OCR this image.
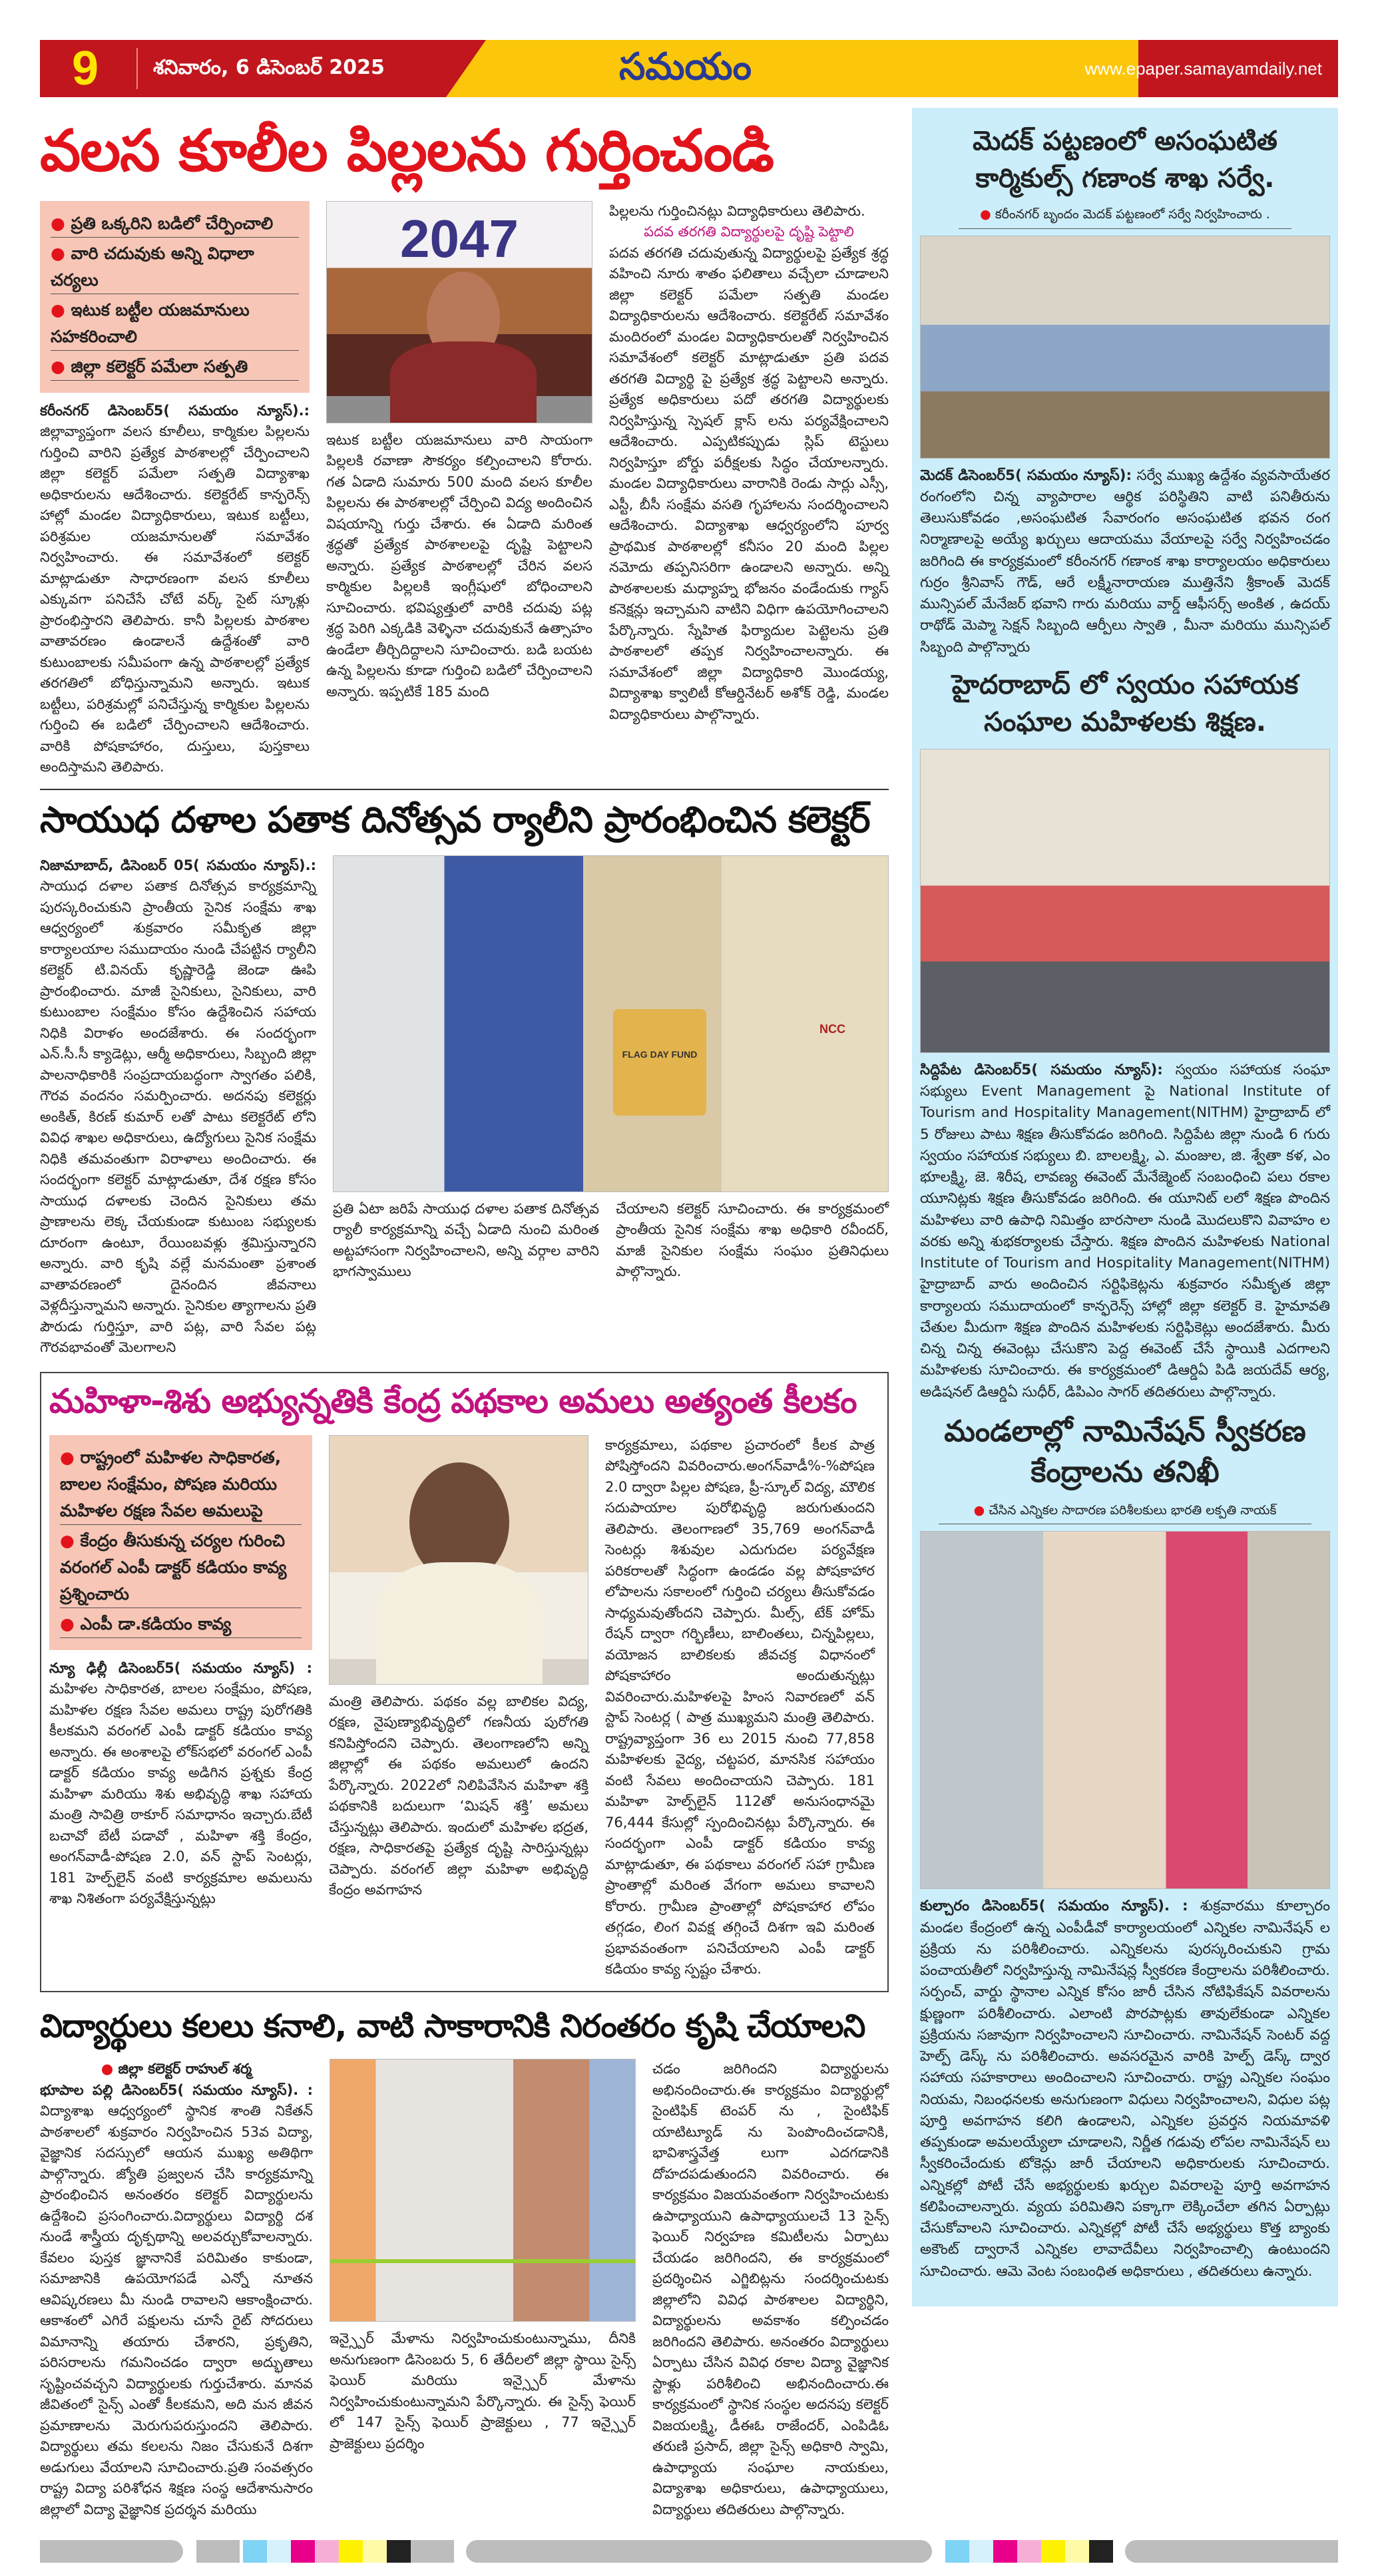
9	శనివారం, 6 డిసెంబర్ 2025	సమయం	www.epaper.samayamdaily.net
వలస కూలీల పిల్లలను గుర్తించండి
● ప్రతి ఒక్కరిని బడిలో చేర్పించాలి
● వారి చదువుకు అన్ని విధాలా చర్యలు
● ఇటుక బట్టీల యజమానులు సహకరించాలి
● జిల్లా కలెక్టర్ పమేలా సత్పతి
కరీంనగర్ డిసెంబర్5( సమయం న్యూస్).: జిల్లావ్యాప్తంగా వలస కూలీలు, కార్మికుల పిల్లలను గుర్తించి వారిని ప్రత్యేక పాఠశాలల్లో చేర్పించాలని జిల్లా కలెక్టర్ పమేలా సత్పతి విద్యాశాఖ అధికారులను ఆదేశించారు. కలెక్టరేట్ కాన్ఫరెన్స్ హాల్లో మండల విద్యాధికారులు, ఇటుక బట్టీలు, పరిశ్రమల యజమానులతో సమావేశం నిర్వహించారు. ఈ సమావేశంలో కలెక్టర్ మాట్లాడుతూ సాధారణంగా వలస కూలీలు ఎక్కువగా పనిచేసే చోటే వర్క్ సైట్ స్కూళ్లు ప్రారంభిస్తారని తెలిపారు. కానీ పిల్లలకు పాఠశాల వాతావరణం ఉండాలనే ఉద్దేశంతో వారి కుటుంబాలకు సమీపంగా ఉన్న పాఠశాలల్లో ప్రత్యేక తరగతిలో బోధిస్తున్నామని అన్నారు. ఇటుక బట్టీలు, పరిశ్రమల్లో పనిచేస్తున్న కార్మికుల పిల్లలను గుర్తించి ఈ బడిలో చేర్పించాలని ఆదేశించారు. వారికి పోషకాహారం, దుస్తులు, పుస్తకాలు అందిస్తామని తెలిపారు.
2047
ఇటుక బట్టీల యజమానులు వారి సాయంగా పిల్లలకి రవాణా సౌకర్యం కల్పించాలని కోరారు. గత ఏడాది సుమారు 500 మంది వలస కూలీల పిల్లలను ఈ పాఠశాలల్లో చేర్పించి విద్య అందించిన విషయాన్ని గుర్తు చేశారు. ఈ ఏడాది మరింత శ్రద్ధతో ప్రత్యేక పాఠశాలలపై దృష్టి పెట్టాలని అన్నారు. ప్రత్యేక పాఠశాలల్లో చేరిన వలస కార్మికుల పిల్లలకి ఇంగ్లీషులో బోధించాలని సూచించారు. భవిష్యత్తులో వారికి చదువు పట్ల శ్రద్ధ పెరిగి ఎక్కడికి వెళ్ళినా చదువుకునే ఉత్సాహం ఉండేలా తీర్చిదిద్దాలని సూచించారు. బడి బయట ఉన్న పిల్లలను కూడా గుర్తించి బడిలో చేర్పించాలని అన్నారు. ఇప్పటికే 185 మంది
పిల్లలను గుర్తించినట్లు విద్యాధికారులు తెలిపారు.
పదవ తరగతి విద్యార్థులపై దృష్టి పెట్టాలి
పదవ తరగతి చదువుతున్న విద్యార్థులపై ప్రత్యేక శ్రద్ధ వహించి నూరు శాతం ఫలితాలు వచ్చేలా చూడాలని జిల్లా కలెక్టర్ పమేలా సత్పతి మండల విద్యాధికారులను ఆదేశించారు. కలెక్టరేట్ సమావేశం మందిరంలో మండల విద్యాధికారులతో నిర్వహించిన సమావేశంలో కలెక్టర్ మాట్లాడుతూ ప్రతి పదవ తరగతి విద్యార్థి పై ప్రత్యేక శ్రద్ధ పెట్టాలని అన్నారు. ప్రత్యేక అధికారులు పదో తరగతి విద్యార్థులకు నిర్వహిస్తున్న స్పెషల్ క్లాస్ లను పర్యవేక్షించాలని ఆదేశించారు. ఎప్పటికప్పుడు స్లిప్ టెస్టులు నిర్వహిస్తూ బోర్డు పరీక్షలకు సిద్ధం చేయాలన్నారు. మండల విద్యాధికారులు వారానికి రెండు సార్లు ఎస్సీ, ఎస్టీ, బీసీ సంక్షేమ వసతి గృహాలను సందర్శించాలని ఆదేశించారు. విద్యాశాఖ ఆధ్వర్యంలోని పూర్వ ప్రాథమిక పాఠశాలల్లో కనీసం 20 మంది పిల్లల నమోదు తప్పనిసరిగా ఉండాలని అన్నారు. అన్ని పాఠశాలలకు మధ్యాహ్న భోజనం వండేందుకు గ్యాస్ కనెక్షన్లు ఇచ్చామని వాటిని విధిగా ఉపయోగించాలని పేర్కొన్నారు. స్నేహిత ఫిర్యాదుల పెట్టెలను ప్రతి పాఠశాలలో తప్పక నిర్వహించాలన్నారు. ఈ సమావేశంలో జిల్లా విద్యాధికారి మొండయ్య, విద్యాశాఖ క్వాలిటీ కోఆర్డినేటర్ అశోక్ రెడ్డి, మండల విద్యాధికారులు పాల్గొన్నారు.
సాయుధ దళాల పతాక దినోత్సవ ర్యాలీని ప్రారంభించిన కలెక్టర్
నిజామాబాద్, డిసెంబర్ 05( సమయం న్యూస్).: సాయుధ దళాల పతాక దినోత్సవ కార్యక్రమాన్ని పురస్కరించుకుని ప్రాంతీయ సైనిక సంక్షేమ శాఖ ఆధ్వర్యంలో శుక్రవారం సమీకృత జిల్లా కార్యాలయాల సముదాయం నుండి చేపట్టిన ర్యాలీని కలెక్టర్ టి.వినయ్ కృష్ణారెడ్డి జెండా ఊపి ప్రారంభించారు. మాజీ సైనికులు, సైనికులు, వారి కుటుంబాల సంక్షేమం కోసం ఉద్దేశించిన సహాయ నిధికి విరాళం అందజేశారు. ఈ సందర్భంగా ఎన్.సీ.సీ క్యాడెట్లు, ఆర్మీ అధికారులు, సిబ్బంది జిల్లా పాలనాధికారికి సంప్రదాయబద్ధంగా స్వాగతం పలికి, గౌరవ వందనం సమర్పించారు. అదనపు కలెక్టర్లు అంకిత్, కిరణ్ కుమార్ లతో పాటు కలెక్టరేట్ లోని వివిధ శాఖల అధికారులు, ఉద్యోగులు సైనిక సంక్షేమ నిధికి తమవంతుగా విరాళాలు అందించారు. ఈ సందర్భంగా కలెక్టర్ మాట్లాడుతూ, దేశ రక్షణ కోసం సాయుధ దళాలకు చెందిన సైనికులు తమ ప్రాణాలను లెక్క చేయకుండా కుటుంబ సభ్యులకు దూరంగా ఉంటూ, రేయింబవళ్లు శ్రమిస్తున్నారని అన్నారు. వారి కృషి వల్లే మనమంతా ప్రశాంత వాతావరణంలో దైనందిన జీవనాలు వెళ్లదీస్తున్నామని అన్నారు. సైనికుల త్యాగాలను ప్రతి పౌరుడు గుర్తిస్తూ, వారి పట్ల, వారి సేవల పట్ల గౌరవభావంతో మెలగాలని
FLAG DAY FUND
NCC
ప్రతి ఏటా జరిపే సాయుధ దళాల పతాక దినోత్సవ ర్యాలీ కార్యక్రమాన్ని వచ్చే ఏడాది నుంచి మరింత అట్టహాసంగా నిర్వహించాలని, అన్ని వర్గాల వారిని భాగస్వాములు
చేయాలని కలెక్టర్ సూచించారు. ఈ కార్యక్రమంలో ప్రాంతీయ సైనిక సంక్షేమ శాఖ అధికారి రవీందర్, మాజీ సైనికుల సంక్షేమ సంఘం ప్రతినిధులు పాల్గొన్నారు.
మహిళా-శిశు అభ్యున్నతికి కేంద్ర పథకాల అమలు అత్యంత కీలకం
● రాష్ట్రంలో మహిళల సాధికారత, బాలల సంక్షేమం, పోషణ మరియు మహిళల రక్షణ సేవల అమలుపై
● కేంద్రం తీసుకున్న చర్యల గురించి వరంగల్ ఎంపీ డాక్టర్ కడియం కావ్య ప్రశ్నించారు
● ఎంపీ డా.కడియం కావ్య
న్యూ ఢిల్లీ డిసెంబర్5( సమయం న్యూస్) : మహిళల సాధికారత, బాలల సంక్షేమం, పోషణ, మహిళల రక్షణ సేవల అమలు రాష్ట్ర పురోగతికి కీలకమని వరంగల్ ఎంపీ డాక్టర్ కడియం కావ్య అన్నారు. ఈ అంశాలపై లోక్‌సభలో వరంగల్ ఎంపీ డాక్టర్ కడియం కావ్య అడిగిన ప్రశ్నకు కేంద్ర మహిళా మరియు శిశు అభివృద్ధి శాఖ సహాయ మంత్రి సావిత్రి ఠాకూర్ సమాధానం ఇచ్చారు.బేటీ బచావో బేటీ పడావో , మహిళా శక్తి కేంద్రం, అంగన్‌వాడీ-పోషణ 2.0, వన్ స్టాప్ సెంటర్లు, 181 హెల్ప్‌లైన్ వంటి కార్యక్రమాల అమలును శాఖ నిశితంగా పర్యవేక్షిస్తున్నట్లు
మంత్రి తెలిపారు. పథకం వల్ల బాలికల విద్య, రక్షణ, నైపుణ్యాభివృద్ధిలో గణనీయ పురోగతి కనిపిస్తోందని చెప్పారు. తెలంగాణలోని అన్ని జిల్లాల్లో ఈ పథకం అమలులో ఉందని పేర్కొన్నారు. 2022లో నిలిపివేసిన మహిళా శక్తి పథకానికి బదులుగా ‘మిషన్ శక్తి’ అమలు చేస్తున్నట్లు తెలిపారు. ఇందులో మహిళల భద్రత, రక్షణ, సాధికారతపై ప్రత్యేక దృష్టి సారిస్తున్నట్లు చెప్పారు. వరంగల్ జిల్లా మహిళా అభివృద్ధి కేంద్రం అవగాహన
కార్యక్రమాలు, పథకాల ప్రచారంలో కీలక పాత్ర పోషిస్తోందని వివరించారు.అంగన్‌వాడీ%-%పోషణ 2.0 ద్వారా పిల్లల పోషణ, ప్రీ-స్కూల్ విద్య, మౌలిక సదుపాయాల పురోభివృద్ధి జరుగుతుందని తెలిపారు. తెలంగాణలో 35,769 అంగన్‌వాడీ సెంటర్లు శిశువుల ఎదుగుదల పర్యవేక్షణ పరికరాలతో సిద్ధంగా ఉండడం వల్ల పోషకాహార లోపాలను సకాలంలో గుర్తించి చర్యలు తీసుకోవడం సాధ్యమవుతోందని చెప్పారు. మీల్స్, టేక్ హోమ్ రేషన్ ద్వారా గర్భిణీలు, బాలింతలు, చిన్నపిల్లలు, వయోజన బాలికలకు జీవచక్ర విధానంలో పోషకాహారం అందుతున్నట్లు వివరించారు.మహిళలపై హింస నివారణలో వన్ స్టాప్ సెంటర్ల ( పాత్ర ముఖ్యమని మంత్రి తెలిపారు. రాష్ట్రవ్యాప్తంగా 36 లు 2015 నుంచి 77,858 మహిళలకు వైద్య, చట్టపర, మానసిక సహాయం వంటి సేవలు అందించాయని చెప్పారు. 181 మహిళా హెల్ప్‌లైన్ 112తో అనుసంధానమై 76,444 కేసుల్లో స్పందించినట్లు పేర్కొన్నారు. ఈ సందర్భంగా ఎంపీ డాక్టర్ కడియం కావ్య మాట్లాడుతూ, ఈ పథకాలు వరంగల్ సహా గ్రామీణ ప్రాంతాల్లో మరింత వేగంగా అమలు కావాలని కోరారు. గ్రామీణ ప్రాంతాల్లో పోషకాహార లోపం తగ్గడం, లింగ వివక్ష తగ్గించే దిశగా ఇవి మరింత ప్రభావవంతంగా పనిచేయాలని ఎంపీ డాక్టర్ కడియం కావ్య స్పష్టం చేశారు.
విద్యార్థులు కలలు కనాలి, వాటి సాకారానికి నిరంతరం కృషి చేయాలని
● జిల్లా కలెక్టర్ రాహుల్ శర్మ
భూపాల పల్లి డిసెంబర్5( సమయం న్యూస్). : విద్యాశాఖ ఆధ్వర్యంలో స్థానిక శాంతి నికేతన్ పాఠశాలలో శుక్రవారం నిర్వహించిన 53వ విద్యా, వైజ్ఞానిక సదస్సులో ఆయన ముఖ్య అతిథిగా పాల్గొన్నారు. జ్యోతి ప్రజ్వలన చేసి కార్యక్రమాన్ని ప్రారంభించిన అనంతరం కలెక్టర్ విద్యార్థులను ఉద్దేశించి ప్రసంగించారు.విద్యార్థులు విద్యార్థి దశ నుండే శాస్త్రీయ దృక్పథాన్ని అలవర్చుకోవాలన్నారు. కేవలం పుస్తక జ్ఞానానికే పరిమితం కాకుండా, సమాజానికి ఉపయోగపడే ఎన్నో నూతన ఆవిష్కరణలు మీ నుండి రావాలని ఆకాంక్షించారు. ఆకాశంలో ఎగిరే పక్షులను చూసే రైట్ సోదరులు విమానాన్ని తయారు చేశారని, ప్రకృతిని, పరిసరాలను గమనించడం ద్వారా అద్భుతాలు సృష్టించవచ్చని విద్యార్థులకు గుర్తుచేశారు. మానవ జీవితంలో సైన్స్ ఎంతో కీలకమని, అది మన జీవన ప్రమాణాలను మెరుగుపరుస్తుందని తెలిపారు. విద్యార్థులు తమ కలలను నిజం చేసుకునే దిశగా అడుగులు వేయాలని సూచించారు.ప్రతి సంవత్సరం రాష్ట్ర విద్యా పరిశోధన శిక్షణ సంస్థ ఆదేశానుసారం జిల్లాలో విద్యా వైజ్ఞానిక ప్రదర్శన మరియు
ఇన్స్పైర్ మేళాను నిర్వహించుకుంటున్నాము, దీనికి అనుగుణంగా డిసెంబరు 5, 6 తేదీలలో జిల్లా స్థాయి సైన్స్ ఫెయిర్ మరియు ఇన్స్పైర్ మేళాను నిర్వహించుకుంటున్నామని పేర్కొన్నారు. ఈ సైన్స్ ఫెయిర్ లో 147 సైన్స్ ఫెయిర్ ప్రాజెక్టులు , 77 ఇన్స్పైర్ ప్రాజెక్టులు ప్రదర్శిం
చడం జరిగిందని విద్యార్థులను అభినందించారు.ఈ కార్యక్రమం విద్యార్థుల్లో సైంటిఫిక్ టెంపర్ ను , సైంటిఫిక్ యాటిట్యూడ్ ను పెంపొందించడానికి, భావిశాస్త్రవేత్త లుగా ఎదగడానికి దోహదపడుతుందని వివరించారు. ఈ కార్యక్రమం విజయవంతంగా నిర్వహించుటకు ఉపాధ్యాయుని ఉపాధ్యాయులచే 13 సైన్స్ ఫెయిర్ నిర్వహణ కమిటీలను ఏర్పాటు చేయడం జరిగిందని, ఈ కార్యక్రమంలో ప్రదర్శించిన ఎగ్జిబిట్లను సందర్శించుటకు జిల్లాలోని వివిధ పాఠశాలల విద్యార్థిని, విద్యార్థులను అవకాశం కల్పించడం జరిగిందని తెలిపారు. అనంతరం విద్యార్థులు ఏర్పాటు చేసిన వివిధ రకాల విద్యా వైజ్ఞానిక స్టాళ్లు పరిశీలించి అభినందించారు.ఈ కార్యక్రమంలో స్థానిక సంస్థల అదనపు కలెక్టర్ విజయలక్ష్మి, డీఈఓ రాజేందర్, ఎంపిడిఓ తరుణి ప్రసాద్, జిల్లా సైన్స్ అధికారి స్వామి, ఉపాధ్యాయ సంఘాల నాయకులు, విద్యాశాఖ అధికారులు, ఉపాధ్యాయులు, విద్యార్థులు తదితరులు పాల్గొన్నారు.
మెదక్ పట్టణంలో అసంఘటిత కార్మికుల్స్ గణాంక శాఖ సర్వే.
● కరీంనగర్ బృందం మెదక్ పట్టణంలో సర్వే నిర్వహించారు .
మెదక్ డిసెంబర్5( సమయం న్యూస్): సర్వే ముఖ్య ఉద్దేశం వ్యవసాయేతర రంగంలోని చిన్న వ్యాపారాల ఆర్థిక పరిస్థితిని వాటి పనితీరును తెలుసుకోవడం ,అసంఘటిత సేవారంగం అసంఘటిత భవన రంగ నిర్మాణాలపై అయ్యే ఖర్చులు ఆదాయము వేయాలపై సర్వే నిర్వహించడం జరిగింది ఈ కార్యక్రమంలో కరీంనగర్ గణాంక శాఖ కార్యాలయం అధికారులు గుర్రం శ్రీనివాస్ గౌడ్, ఆరే లక్ష్మీనారాయణ ముత్తినేని శ్రీకాంత్ మెదక్ మున్సిపల్ మేనేజర్ భవాని గారు మరియు వార్డ్ ఆఫీసర్స్ అంకిత , ఉదయ్ రాథోడ్ మెప్మా సెక్షన్ సిబ్బంది ఆర్పీలు స్వాతి , మీనా మరియు మున్సిపల్ సిబ్బంది పాల్గొన్నారు
హైదరాబాద్ లో స్వయం సహాయక సంఘాల మహిళలకు శిక్షణ.
సిద్దిపేట డిసెంబర్5( సమయం న్యూస్): స్వయం సహాయక సంఘా సభ్యులు Event Management పై National Institute of Tourism and Hospitality Management(NITHM) హైద్రాబాద్ లో 5 రోజులు పాటు శిక్షణ తీసుకోవడం జరిగింది. సిద్దిపేట జిల్లా నుండి 6 గురు స్వయం సహాయక సభ్యులు బి. బాలలక్ష్మి, ఎ. మంజుల, జి. శ్వేతా కళ, ఎం భూలక్ష్మి, జె. శిరీష, లావణ్య ఈవెంట్ మేనేజ్మెంట్ సంబంధించి పలు రకాల యూనిట్లకు శిక్షణ తీసుకోవడం జరిగింది. ఈ యూనిట్ లలో శిక్షణ పొందిన మహిళలు వారి ఉపాధి నిమిత్తం బారసాలా నుండి మొదలుకొని వివాహం ల వరకు అన్ని శుభకర్యాలకు చేస్తారు. శిక్షణ పొందిన మహిళలకు National Institute of Tourism and Hospitality Management(NITHM) హైద్రాబాద్ వారు అందించిన సర్టిఫికెట్లను శుక్రవారం సమీకృత జిల్లా కార్యాలయ సముదాయంలో కాన్ఫరెన్స్ హాల్లో జిల్లా కలెక్టర్ కె. హైమావతి చేతుల మీదుగా శిక్షణ పొందిన మహిళలకు సర్టిఫికెట్లు అందజేశారు. మీరు చిన్న చిన్న ఈవెంట్లు చేసుకొని పెద్ద ఈవెంట్ చేసే స్థాయికి ఎదగాలని మహిళలకు సూచించారు. ఈ కార్యక్రమంలో డిఆర్డిఏ పిడి జయదేవ్ ఆర్య, అడిషనల్ డిఆర్డిఏ సుధీర్, డిపిఎం సాగర్ తదితరులు పాల్గొన్నారు.
మండలాల్లో నామినేషన్ స్వీకరణ కేంద్రాలను తనిఖీ
● చేసిన ఎన్నికల సాదారణ పరిశీలకులు భారతి లక్పతి నాయక్
కుల్చారం డిసెంబర్5( సమయం న్యూస్). : శుక్రవారము కూల్చారం మండల కేంద్రంలో ఉన్న ఎంపీడీవో కార్యాలయంలో ఎన్నికల నామినేషన్ ల ప్రక్రియ ను పరిశీలించారు. ఎన్నికలను పురస్కరించుకుని గ్రామ పంచాయతీలో నిర్వహిస్తున్న నామినేషన్ల స్వీకరణ కేంద్రాలను పరిశీలించారు. సర్పంచ్, వార్డు స్థానాల ఎన్నిక కోసం జారీ చేసిన నోటిఫికేషన్ వివరాలను క్షుణ్ణంగా పరిశీలించారు. ఎలాంటి పొరపాట్లకు తావులేకుండా ఎన్నికల ప్రక్రియను సజావుగా నిర్వహించాలని సూచించారు. నామినేషన్ సెంటర్ వద్ద హెల్ప్ డెస్క్ ను పరిశీలించారు. అవసరమైన వారికి హెల్ప్ డెస్క్ ద్వార సహాయ సహకారాలు అందించాలని సూచించారు. రాష్ట్ర ఎన్నికల సంఘం నియమ, నిబంధనలకు అనుగుణంగా విధులు నిర్వహించాలని, విధుల పట్ల పూర్తి అవగాహన కలిగి ఉండాలని, ఎన్నికల ప్రవర్తన నియమావళి తప్పకుండా అమలయ్యేలా చూడాలని, నిర్ణీత గడువు లోపల నామినేషన్ లు స్వీకరించేందుకు టోకెన్లు జారీ చేయాలని అధికారులకు సూచించారు. ఎన్నికల్లో పోటీ చేసే అభ్యర్థులకు ఖర్చుల వివరాలపై పూర్తి అవగాహన కలిపించాలన్నారు. వ్యయ పరిమితిని పక్కాగా లెక్కించేలా తగిన ఏర్పాట్లు చేసుకోవాలని సూచించారు. ఎన్నికల్లో పోటీ చేసే అభ్యర్థులు కొత్త బ్యాంకు అకౌంట్ ద్వారానే ఎన్నికల లావాదేవీలు నిర్వహించాల్సి ఉంటుందని సూచించారు. ఆమె వెంట సంబంధిత అధికారులు , తదితరులు ఉన్నారు.
